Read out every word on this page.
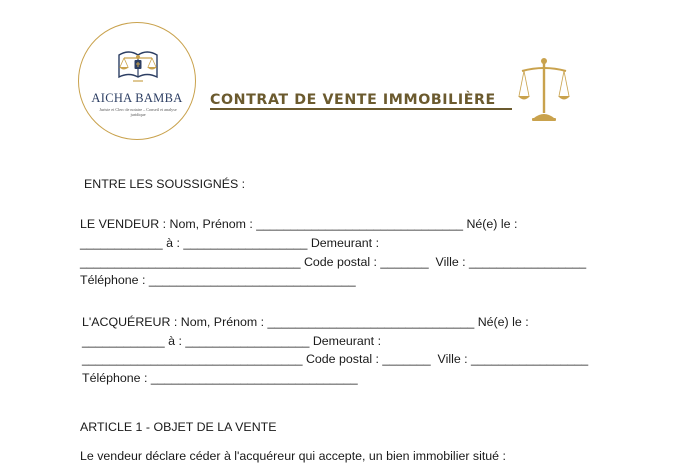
AICHA BAMBA
Juriste et Clerc de notaire – Conseil et analyse juridique
CONTRAT DE VENTE IMMOBILIÈRE
ENTRE LES SOUSSIGNÉS :
LE VENDEUR : Nom, Prénom : ______________________________ Né(e) le :
____________ à : __________________ Demeurant :
________________________________ Code postal : _______  Ville : _________________
Téléphone : ______________________________
L'ACQUÉREUR : Nom, Prénom : ______________________________ Né(e) le :
____________ à : __________________ Demeurant :
________________________________ Code postal : _______  Ville : _________________
Téléphone : ______________________________
ARTICLE 1 - OBJET DE LA VENTE
Le vendeur déclare céder à l'acquéreur qui accepte, un bien immobilier situé :
